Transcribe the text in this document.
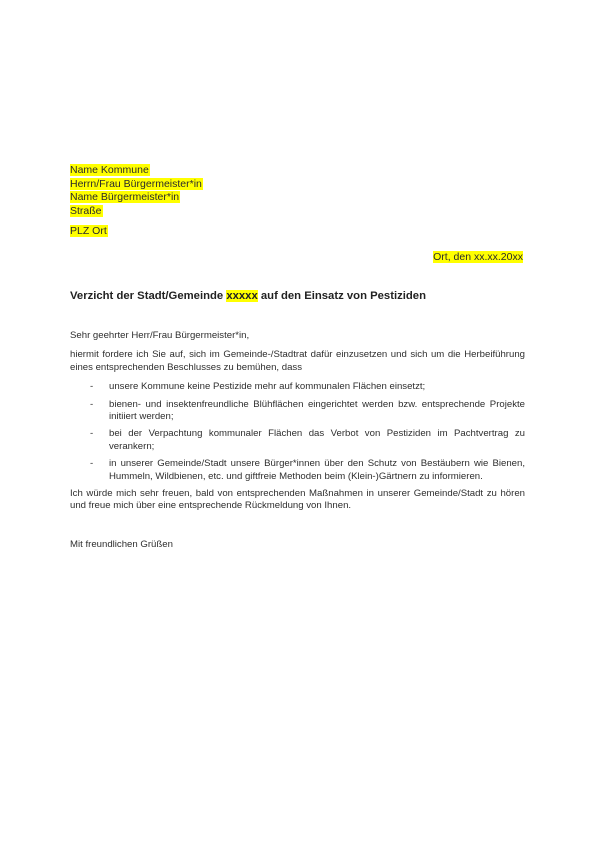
Name Kommune
Herrn/Frau Bürgermeister*in
Name Bürgermeister*in
Straße
PLZ Ort
Ort, den xx.xx.20xx
Verzicht der Stadt/Gemeinde xxxxx auf den Einsatz von Pestiziden
Sehr geehrter Herr/Frau Bürgermeister*in,
hiermit fordere ich Sie auf, sich im Gemeinde-/Stadtrat dafür einzusetzen und sich um die Herbeiführung eines entsprechenden Beschlusses zu bemühen, dass
- unsere Kommune keine Pestizide mehr auf kommunalen Flächen einsetzt;
- bienen- und insektenfreundliche Blühflächen eingerichtet werden bzw. entsprechende Projekte initiiert werden;
- bei der Verpachtung kommunaler Flächen das Verbot von Pestiziden im Pachtvertrag zu verankern;
- in unserer Gemeinde/Stadt unsere Bürger*innen über den Schutz von Bestäubern wie Bienen, Hummeln, Wildbienen, etc. und giftfreie Methoden beim (Klein-)Gärtnern zu informieren.
Ich würde mich sehr freuen, bald von entsprechenden Maßnahmen in unserer Gemeinde/Stadt zu hören und freue mich über eine entsprechende Rückmeldung von Ihnen.
Mit freundlichen Grüßen
